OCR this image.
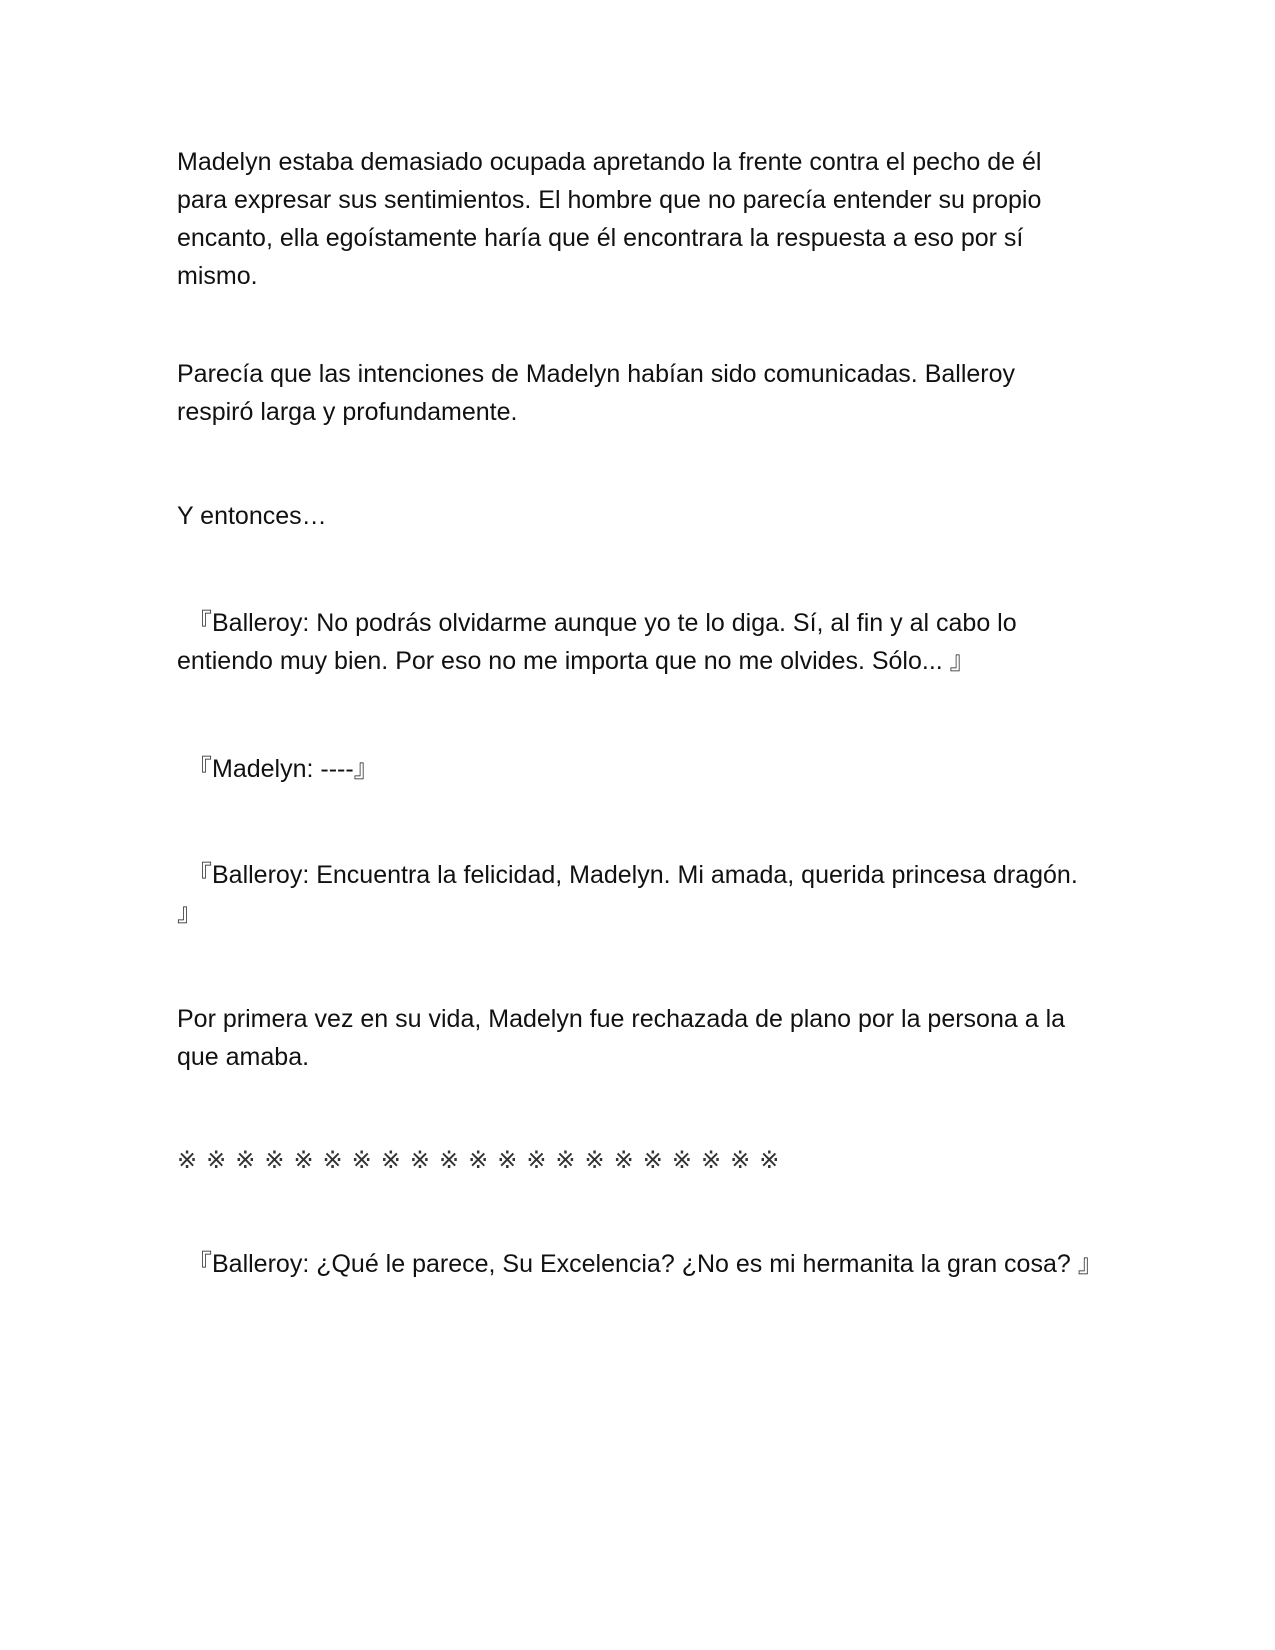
Madelyn estaba demasiado ocupada apretando la frente contra el pecho de él para expresar sus sentimientos. El hombre que no parecía entender su propio encanto, ella egoístamente haría que él encontrara la respuesta a eso por sí mismo.

Parecía que las intenciones de Madelyn habían sido comunicadas. Balleroy respiró larga y profundamente.

Y entonces…

『Balleroy: No podrás olvidarme aunque yo te lo diga. Sí, al fin y al cabo lo entiendo muy bien. Por eso no me importa que no me olvides. Sólo... 』

『Madelyn: ----』

『Balleroy: Encuentra la felicidad, Madelyn. Mi amada, querida princesa dragón. 』

Por primera vez en su vida, Madelyn fue rechazada de plano por la persona a la que amaba.

※※※※※※※※※※※※※※※※※※※※※

『Balleroy: ¿Qué le parece, Su Excelencia? ¿No es mi hermanita la gran cosa? 』
